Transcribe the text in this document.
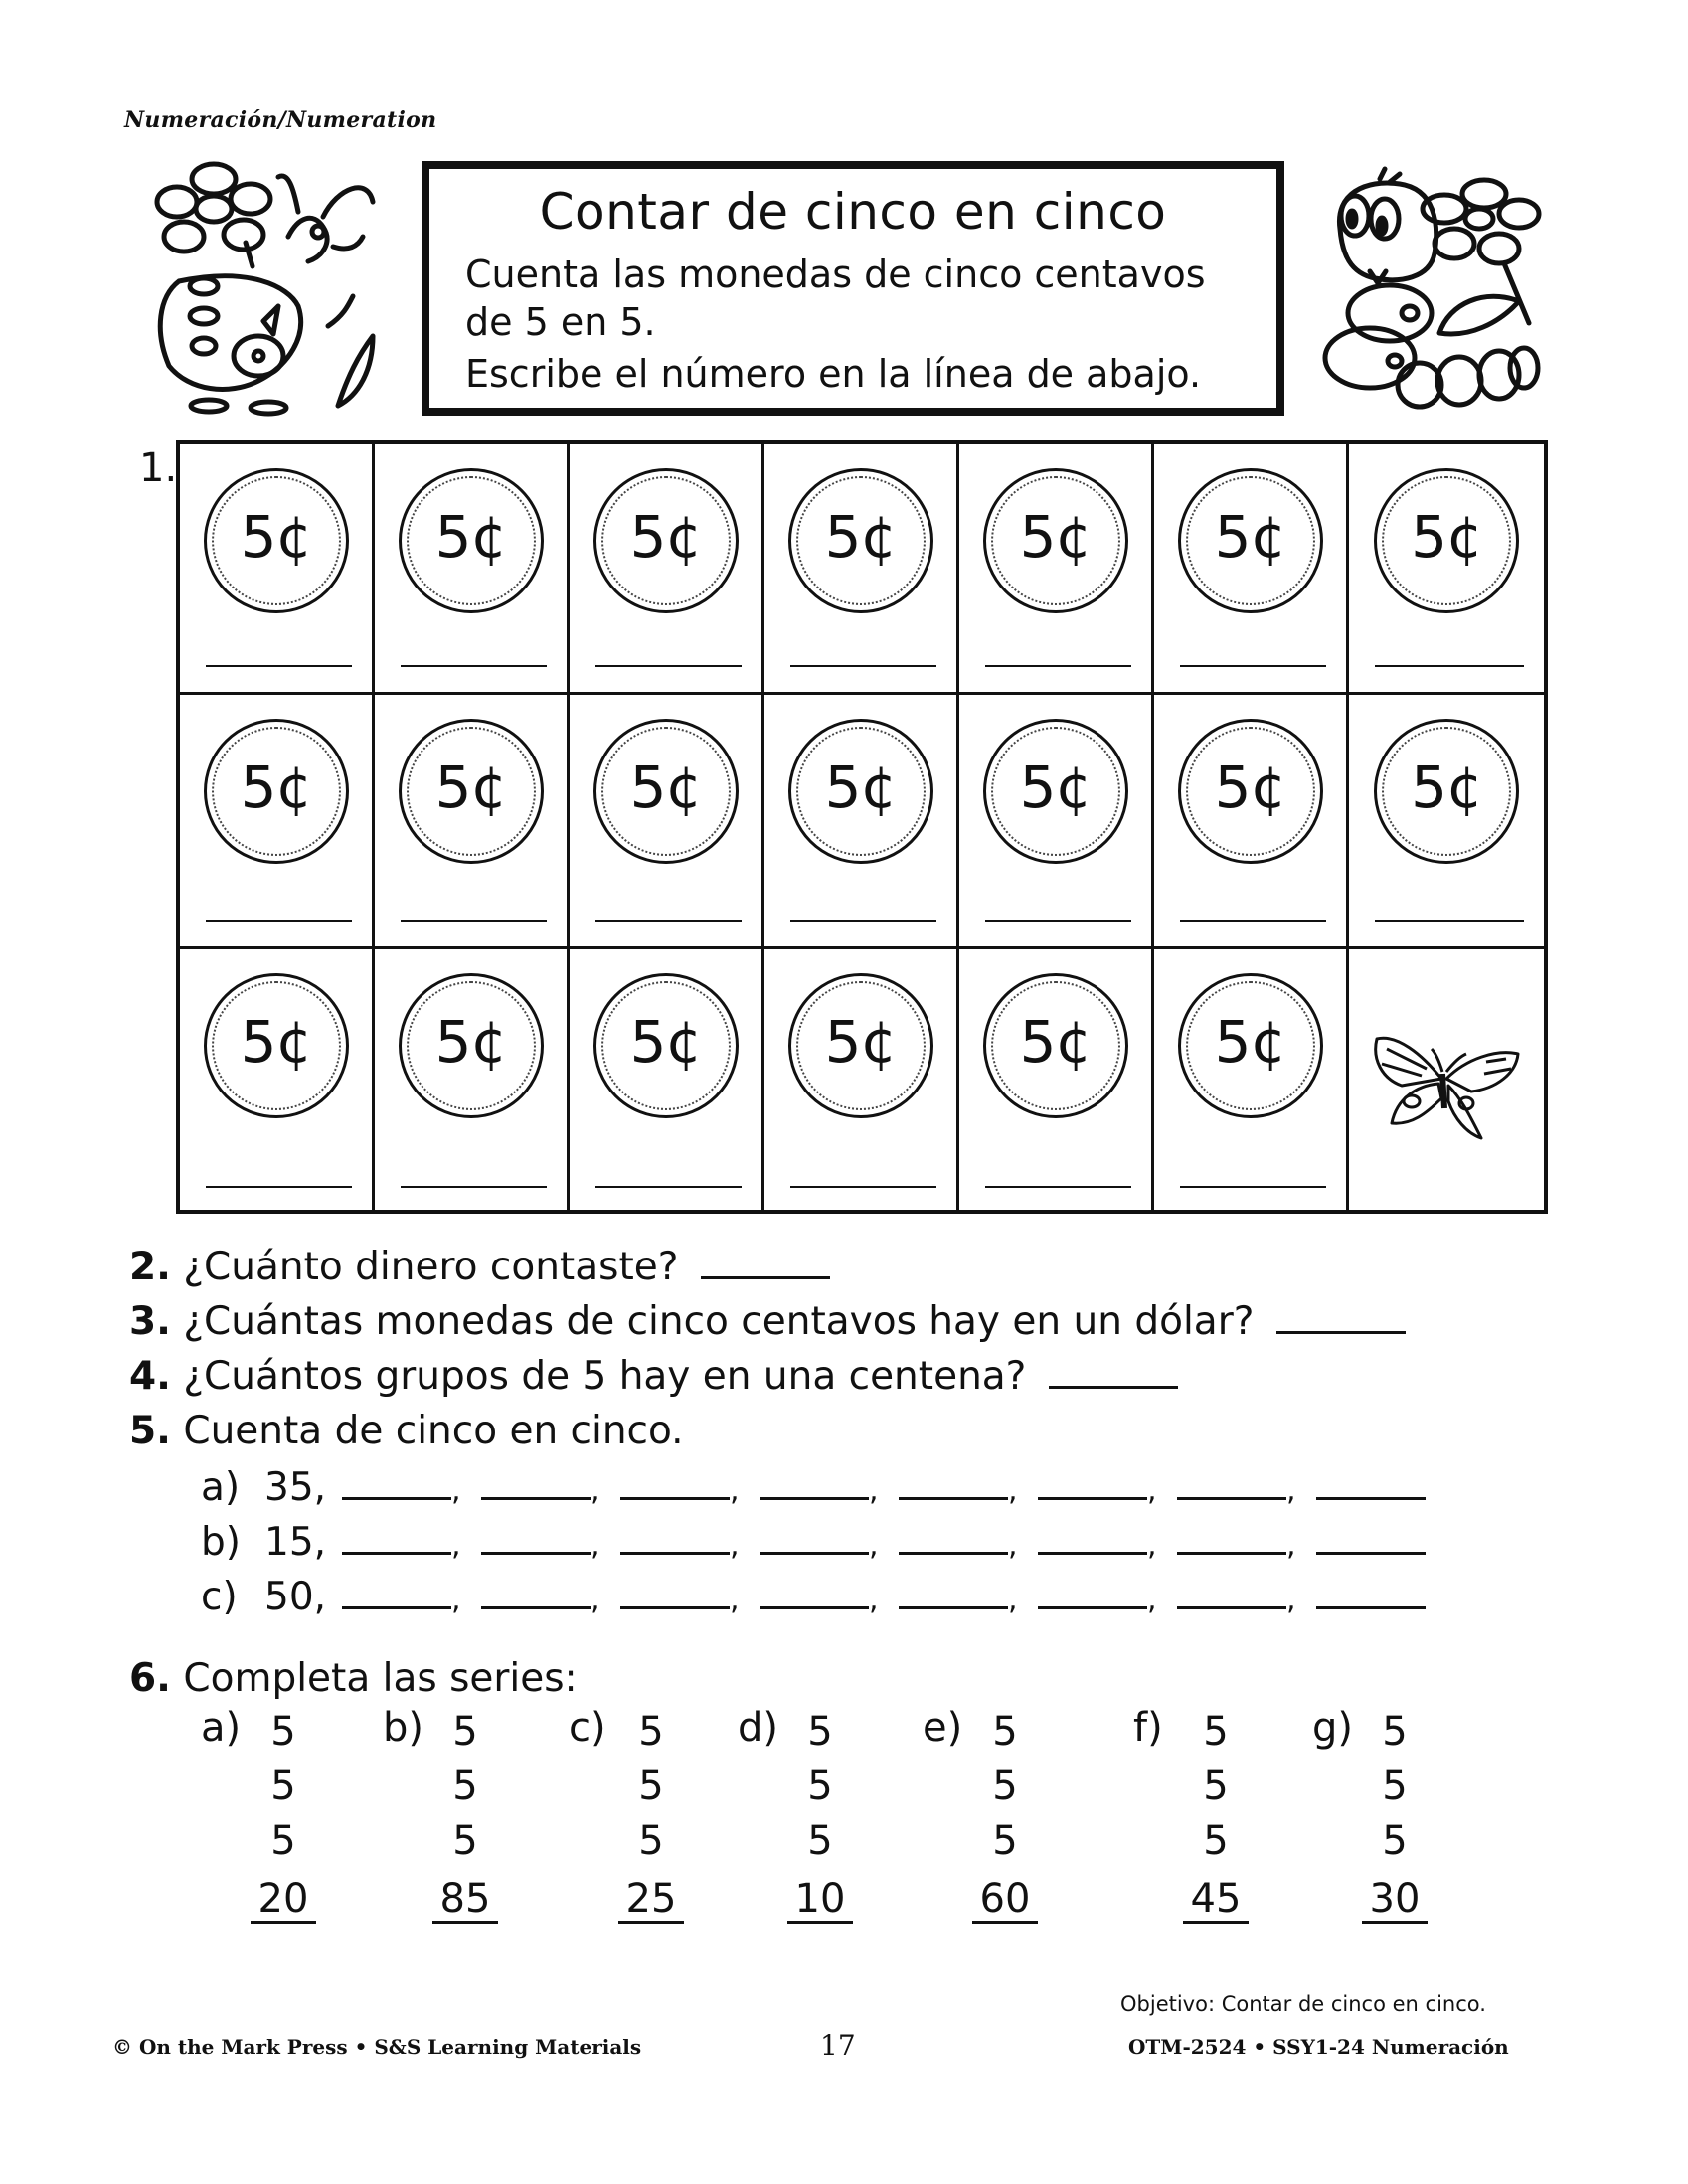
Numeración/Numeration
Contar de cinco en cinco
Cuenta las monedas de cinco centavos
de 5 en 5.
Escribe el número en la línea de abajo.
1.
5¢ 5¢ 5¢ 5¢ 5¢ 5¢ 5¢
5¢ 5¢ 5¢ 5¢ 5¢ 5¢ 5¢
5¢ 5¢ 5¢ 5¢ 5¢ 5¢
2. ¿Cuánto dinero contaste?
3. ¿Cuántas monedas de cinco centavos hay en un dólar?
4. ¿Cuántos grupos de 5 hay en una centena?
5. Cuenta de cinco en cinco.
a) 35,	,	,	,	,	,	,	,
b) 15,	,	,	,	,	,	,	,
c) 50,	,	,	,	,	,	,	,
6. Completa las series:
a) 5
5
5
20
b) 5
5
5
85
c) 5
5
5
25
d) 5
5
5
10
e) 5
5
5
60
f)	5
5
5
45
g) 5
5
5
30
Objetivo: Contar de cinco en cinco.
© On the Mark Press • S&S Learning Materials	17	OTM-2524 • SSY1-24 Numeración
